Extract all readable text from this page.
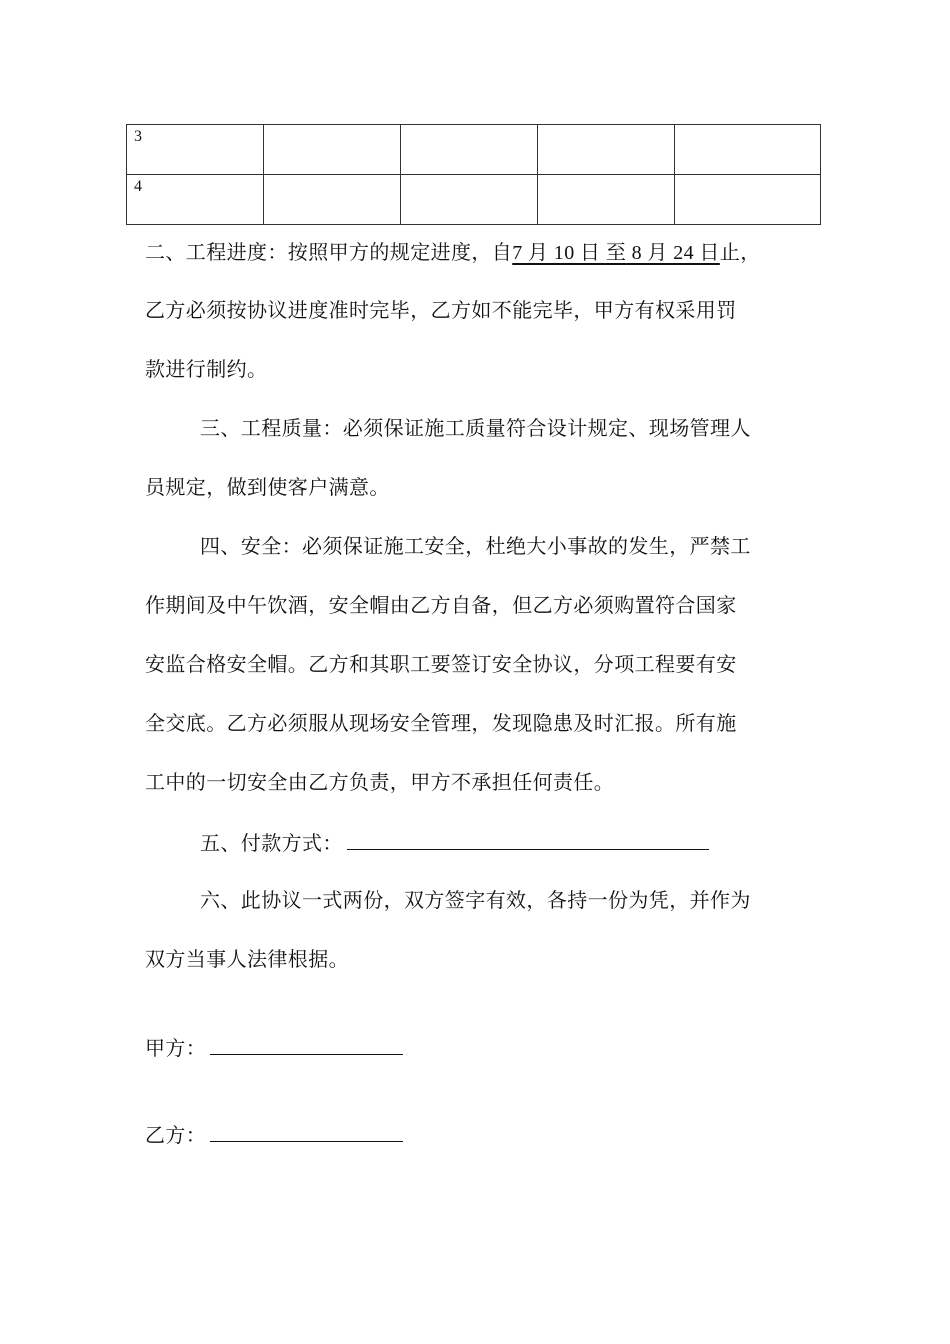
3				
4				
二、工程进度：按照甲方的规定进度，自7 月 10 日 至 8 月 24 日止，
乙方必须按协议进度准时完毕，乙方如不能完毕，甲方有权采用罚
款进行制约。
三、工程质量：必须保证施工质量符合设计规定、现场管理人
员规定，做到使客户满意。
四、安全：必须保证施工安全，杜绝大小事故的发生，严禁工
作期间及中午饮酒，安全帽由乙方自备，但乙方必须购置符合国家
安监合格安全帽。乙方和其职工要签订安全协议，分项工程要有安
全交底。乙方必须服从现场安全管理，发现隐患及时汇报。所有施
工中的一切安全由乙方负责，甲方不承担任何责任。
五、付款方式：
六、此协议一式两份，双方签字有效，各持一份为凭，并作为
双方当事人法律根据。
甲方：
乙方：
